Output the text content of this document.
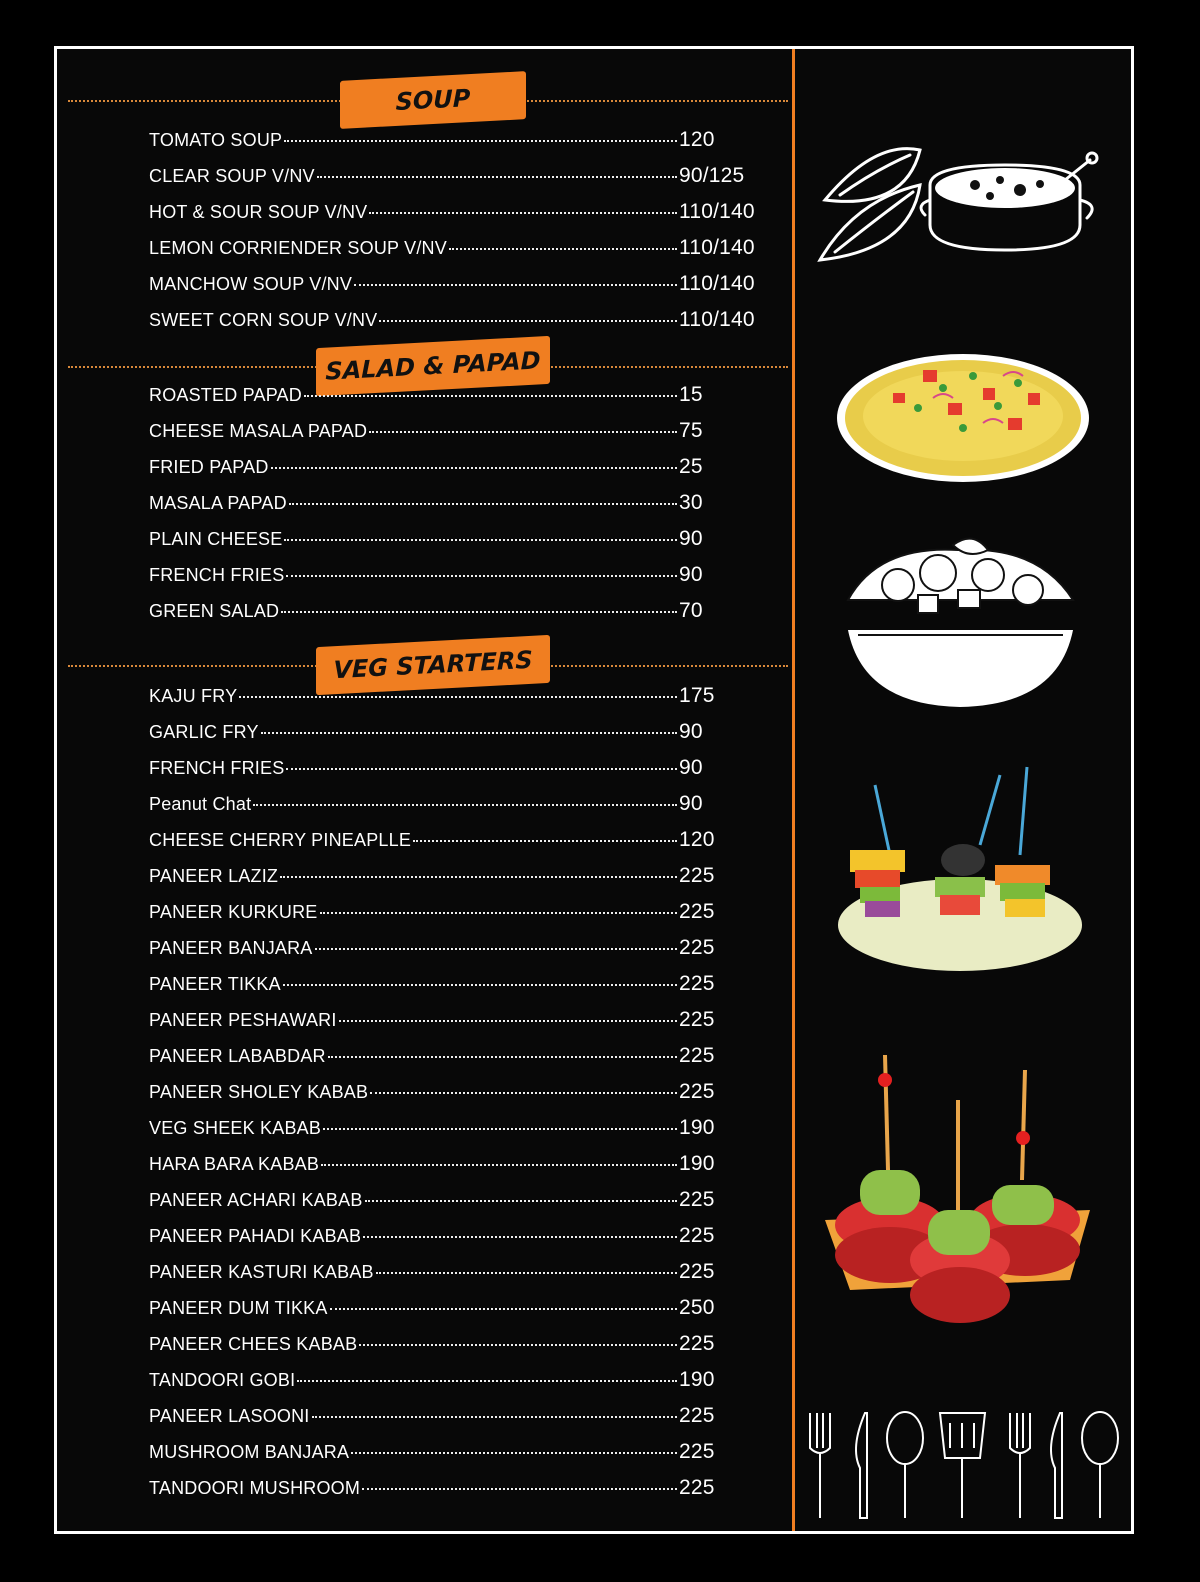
SOUP
TOMATO SOUP	120
CLEAR SOUP V/NV	90/125
HOT & SOUR SOUP V/NV	110/140
LEMON CORRIENDER SOUP V/NV	110/140
MANCHOW SOUP V/NV	110/140
SWEET CORN SOUP V/NV	110/140
SALAD & PAPAD
ROASTED PAPAD	15
CHEESE MASALA PAPAD	75
FRIED PAPAD	25
MASALA PAPAD	30
PLAIN CHEESE	90
FRENCH FRIES	90
GREEN SALAD	70
VEG STARTERS
KAJU FRY	175
GARLIC FRY	90
FRENCH FRIES	90
Peanut Chat	90
CHEESE CHERRY PINEAPLLE	120
PANEER LAZIZ	225
PANEER KURKURE	225
PANEER BANJARA	225
PANEER TIKKA	225
PANEER PESHAWARI	225
PANEER LABABDAR	225
PANEER SHOLEY KABAB	225
VEG SHEEK KABAB	190
HARA BARA KABAB	190
PANEER ACHARI KABAB	225
PANEER PAHADI KABAB	225
PANEER KASTURI KABAB	225
PANEER DUM TIKKA	250
PANEER CHEES KABAB	225
TANDOORI GOBI	190
PANEER LASOONI	225
MUSHROOM BANJARA	225
TANDOORI MUSHROOM	225
